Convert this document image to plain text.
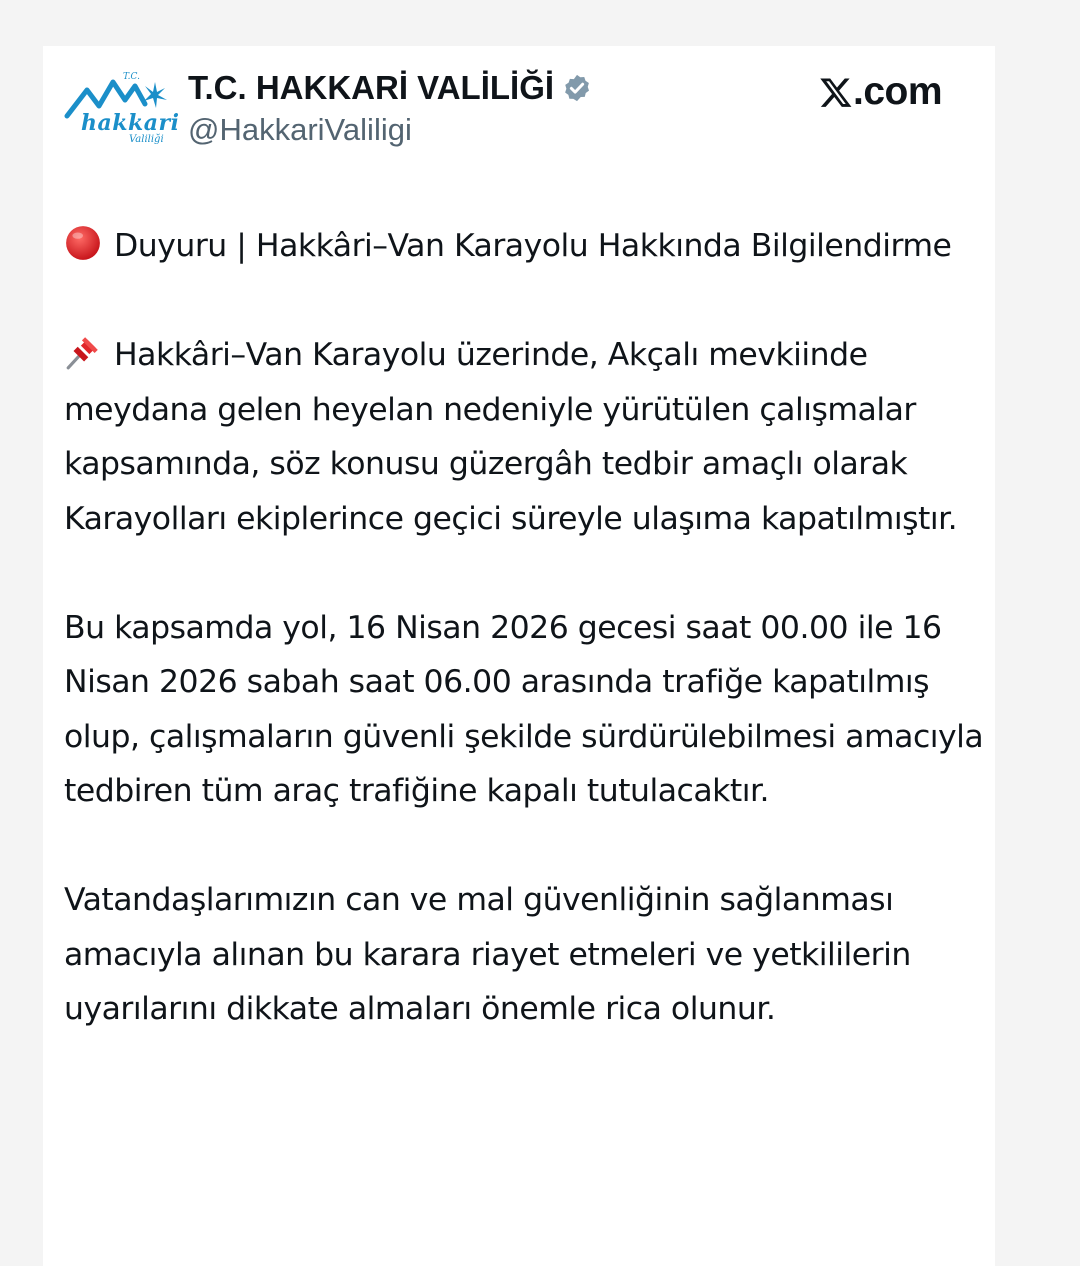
T.C.
hakkari
Valiliği
T.C. HAKKARİ VALİLİĞİ
@HakkariValiligi
.com

Duyuru | Hakkâri–Van Karayolu Hakkında Bilgilendirme

Hakkâri–Van Karayolu üzerinde, Akçalı mevkiinde meydana gelen heyelan nedeniyle yürütülen çalışmalar kapsamında, söz konusu güzergâh tedbir amaçlı olarak Karayolları ekiplerince geçici süreyle ulaşıma kapatılmıştır.

Bu kapsamda yol, 16 Nisan 2026 gecesi saat 00.00 ile 16 Nisan 2026 sabah saat 06.00 arasında trafiğe kapatılmış olup, çalışmaların güvenli şekilde sürdürülebilmesi amacıyla tedbiren tüm araç trafiğine kapalı tutulacaktır.

Vatandaşlarımızın can ve mal güvenliğinin sağlanması amacıyla alınan bu karara riayet etmeleri ve yetkililerin uyarılarını dikkate almaları önemle rica olunur.
